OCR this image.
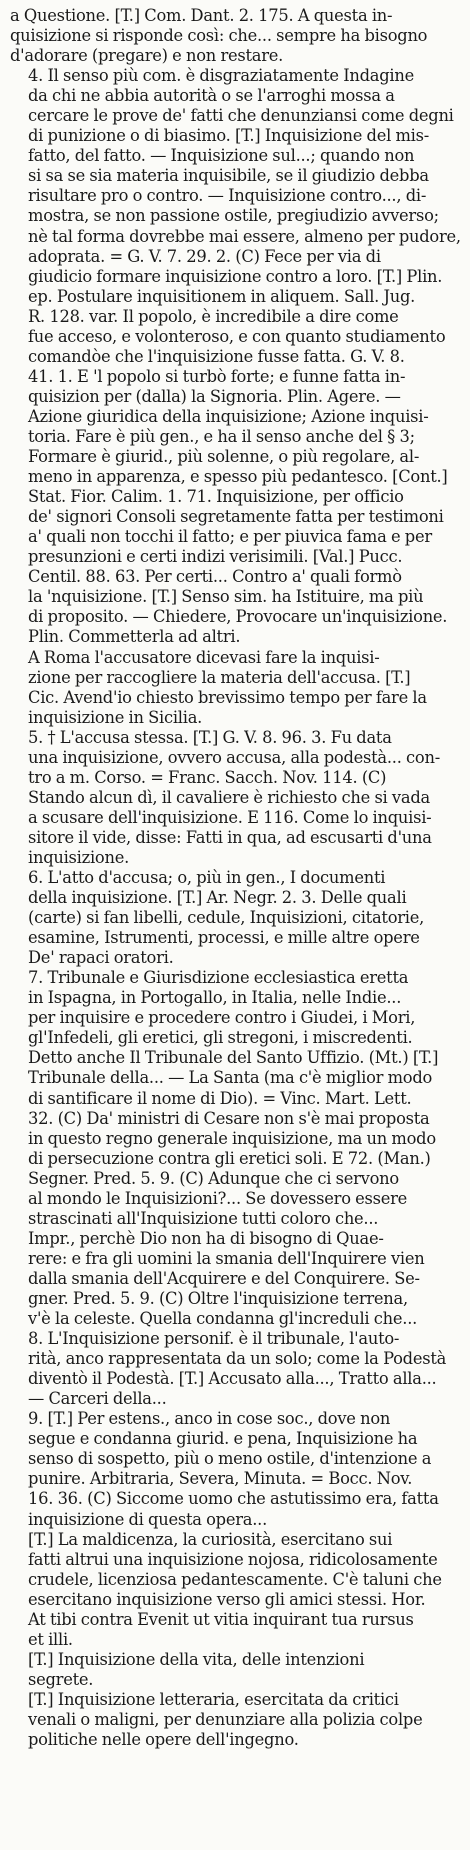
a Questione. [T.] Com. Dant. 2. 175. A questa in-
quisizione si risponde così: che... sempre ha bisogno
d'adorare (pregare) e non restare.
4. Il senso più com. è disgraziatamente Indagine
da chi ne abbia autorità o se l'arroghi mossa a
cercare le prove de' fatti che denunziansi come degni
di punizione o di biasimo. [T.] Inquisizione del mis-
fatto, del fatto. — Inquisizione sul...; quando non
si sa se sia materia inquisibile, se il giudizio debba
risultare pro o contro. — Inquisizione contro..., di-
mostra, se non passione ostile, pregiudizio avverso;
nè tal forma dovrebbe mai essere, almeno per pudore,
adoprata. = G. V. 7. 29. 2. (C) Fece per via di
giudicio formare inquisizione contro a loro. [T.] Plin.
ep. Postulare inquisitionem in aliquem. Sall. Jug.
R. 128. var. Il popolo, è incredibile a dire come
fue acceso, e volonteroso, e con quanto studiamento
comandòe che l'inquisizione fusse fatta. G. V. 8.
41. 1. E 'l popolo si turbò forte; e funne fatta in-
quisizion per (dalla) la Signoria. Plin. Agere. —
Azione giuridica della inquisizione; Azione inquisi-
toria. Fare è più gen., e ha il senso anche del § 3;
Formare è giurid., più solenne, o più regolare, al-
meno in apparenza, e spesso più pedantesco. [Cont.]
Stat. Fior. Calim. 1. 71. Inquisizione, per officio
de' signori Consoli segretamente fatta per testimoni
a' quali non tocchi il fatto; e per piuvica fama e per
presunzioni e certi indizi verisimili. [Val.] Pucc.
Centil. 88. 63. Per certi... Contro a' quali formò
la 'nquisizione. [T.] Senso sim. ha Istituire, ma più
di proposito. — Chiedere, Provocare un'inquisizione.
Plin. Commetterla ad altri.
A Roma l'accusatore dicevasi fare la inquisi-
zione per raccogliere la materia dell'accusa. [T.]
Cic. Avend'io chiesto brevissimo tempo per fare la
inquisizione in Sicilia.
5. † L'accusa stessa. [T.] G. V. 8. 96. 3. Fu data
una inquisizione, ovvero accusa, alla podestà... con-
tro a m. Corso. = Franc. Sacch. Nov. 114. (C)
Stando alcun dì, il cavaliere è richiesto che si vada
a scusare dell'inquisizione. E 116. Come lo inquisi-
sitore il vide, disse: Fatti in qua, ad escusarti d'una
inquisizione.
6. L'atto d'accusa; o, più in gen., I documenti
della inquisizione. [T.] Ar. Negr. 2. 3. Delle quali
(carte) si fan libelli, cedule, Inquisizioni, citatorie,
esamine, Istrumenti, processi, e mille altre opere
De' rapaci oratori.
7. Tribunale e Giurisdizione ecclesiastica eretta
in Ispagna, in Portogallo, in Italia, nelle Indie...
per inquisire e procedere contro i Giudei, i Mori,
gl'Infedeli, gli eretici, gli stregoni, i miscredenti.
Detto anche Il Tribunale del Santo Uffizio. (Mt.) [T.]
Tribunale della... — La Santa (ma c'è miglior modo
di santificare il nome di Dio). = Vinc. Mart. Lett.
32. (C) Da' ministri di Cesare non s'è mai proposta
in questo regno generale inquisizione, ma un modo
di persecuzione contra gli eretici soli. E 72. (Man.)
Segner. Pred. 5. 9. (C) Adunque che ci servono
al mondo le Inquisizioni?... Se dovessero essere
strascinati all'Inquisizione tutti coloro che...
Impr., perchè Dio non ha di bisogno di Quae-
rere: e fra gli uomini la smania dell'Inquirere vien
dalla smania dell'Acquirere e del Conquirere. Se-
gner. Pred. 5. 9. (C) Oltre l'inquisizione terrena,
v'è la celeste. Quella condanna gl'increduli che...
8. L'Inquisizione personif. è il tribunale, l'auto-
rità, anco rappresentata da un solo; come la Podestà
diventò il Podestà. [T.] Accusato alla..., Tratto alla...
— Carceri della...
9. [T.] Per estens., anco in cose soc., dove non
segue e condanna giurid. e pena, Inquisizione ha
senso di sospetto, più o meno ostile, d'intenzione a
punire. Arbitraria, Severa, Minuta. = Bocc. Nov.
16. 36. (C) Siccome uomo che astutissimo era, fatta
inquisizione di questa opera...
[T.] La maldicenza, la curiosità, esercitano sui
fatti altrui una inquisizione nojosa, ridicolosamente
crudele, licenziosa pedantescamente. C'è taluni che
esercitano inquisizione verso gli amici stessi. Hor.
At tibi contra Evenit ut vitia inquirant tua rursus
et illi.
[T.] Inquisizione della vita, delle intenzioni
segrete.
[T.] Inquisizione letteraria, esercitata da critici
venali o maligni, per denunziare alla polizia colpe
politiche nelle opere dell'ingegno.
